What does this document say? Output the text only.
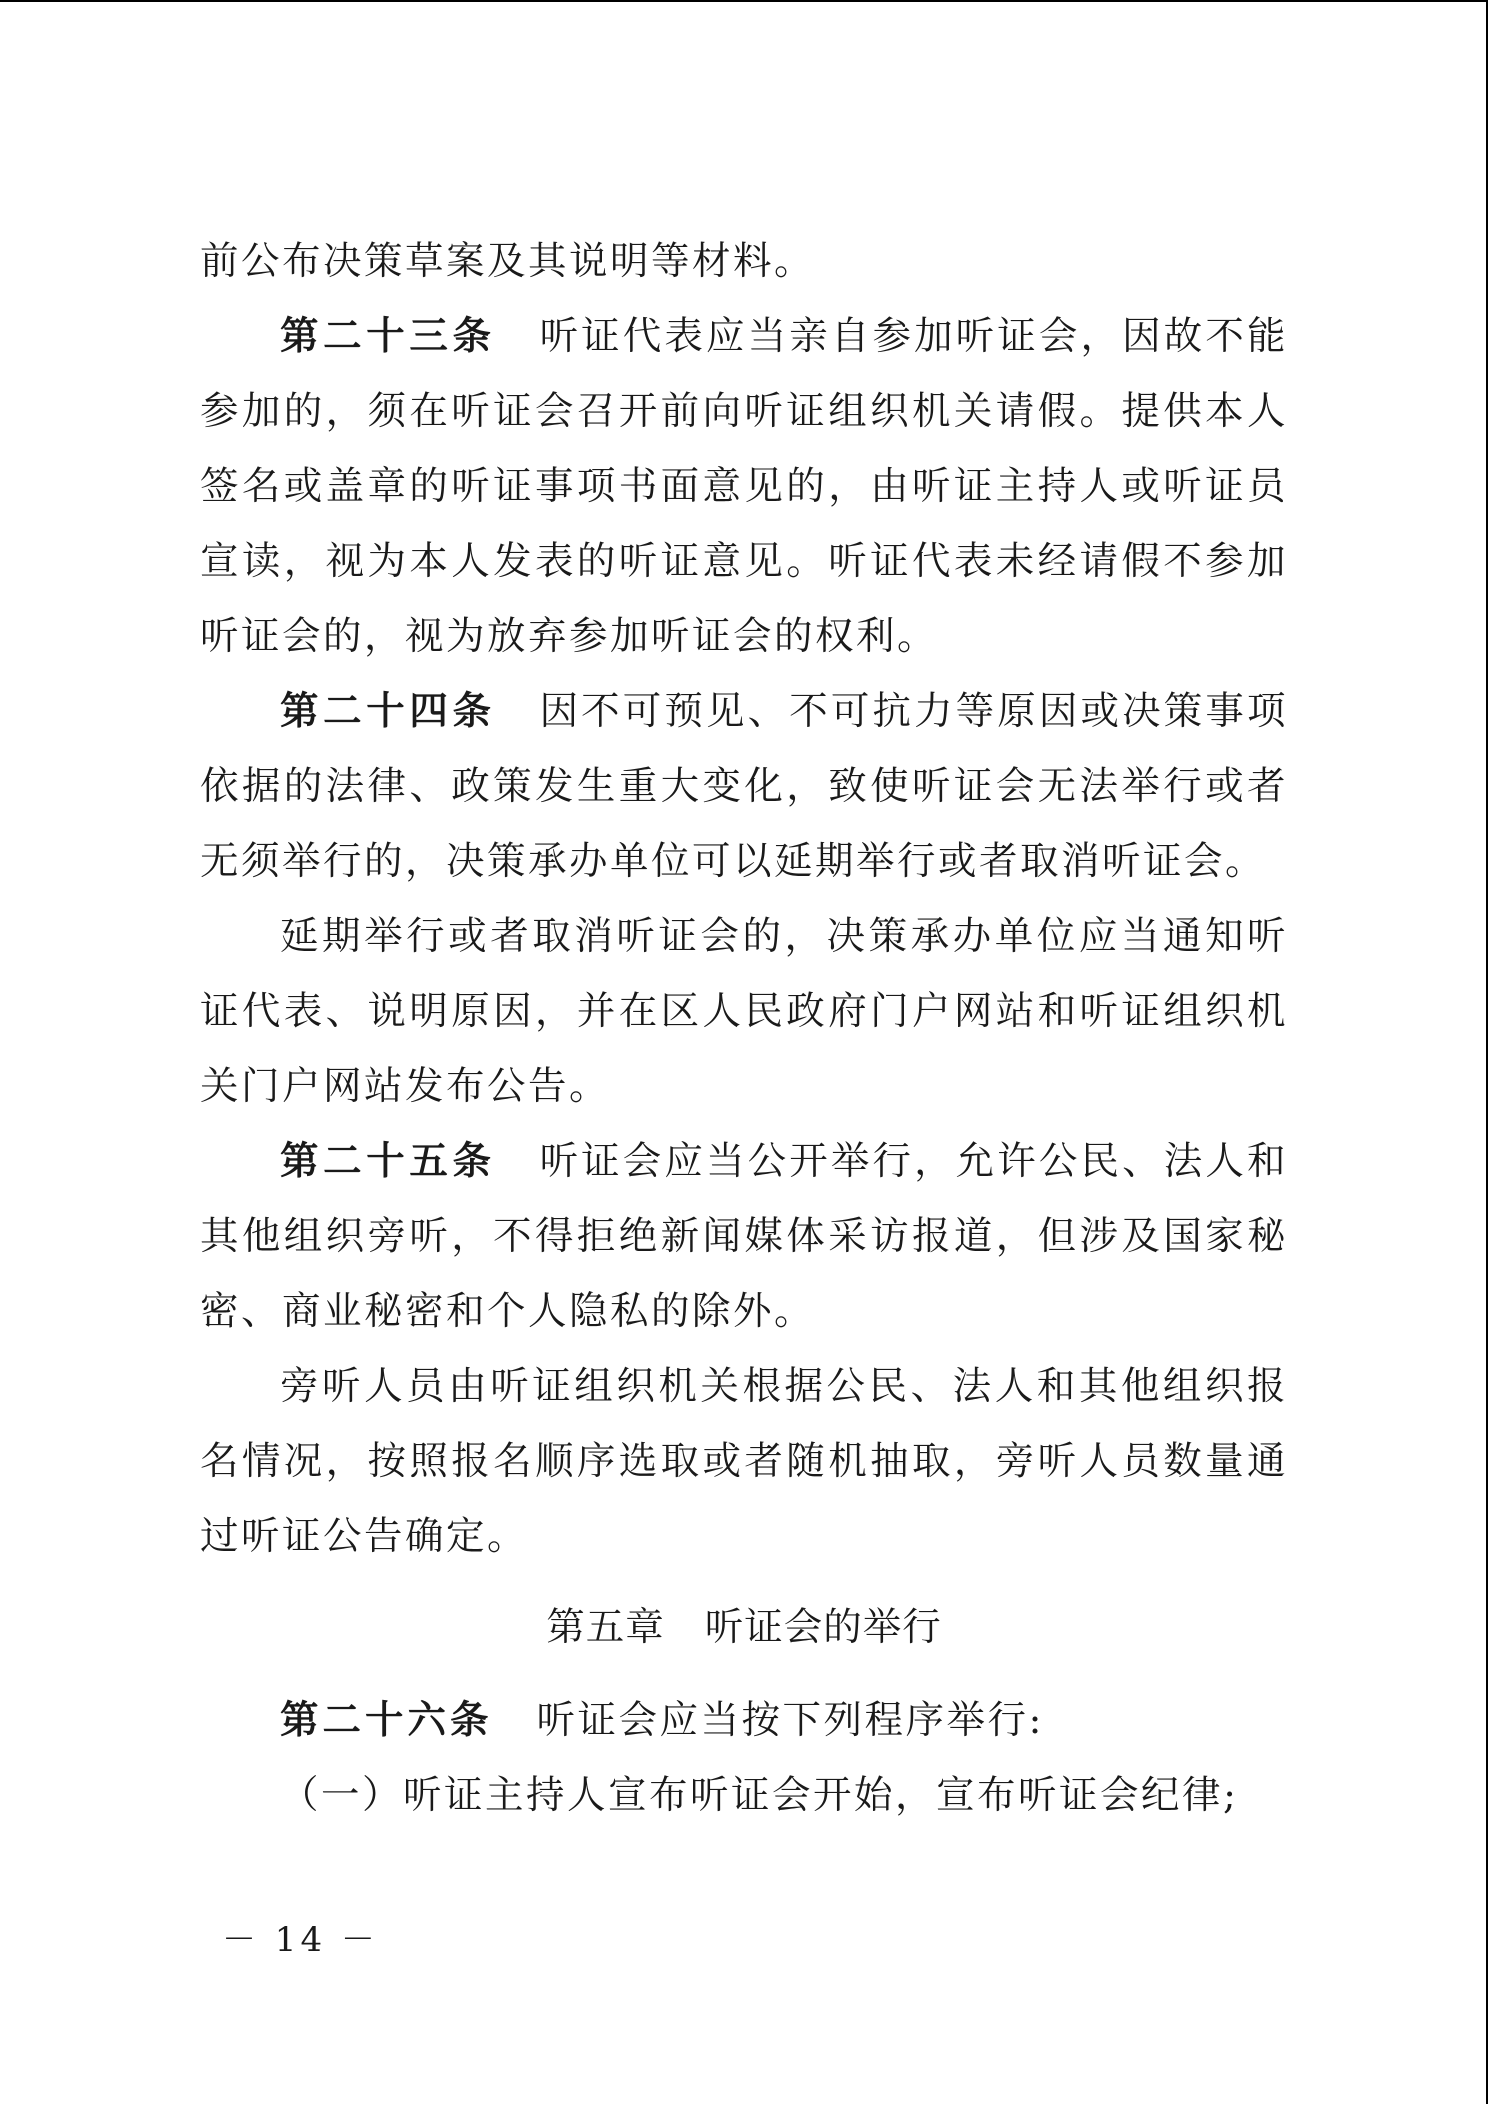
前公布决策草案及其说明等材料。

第二十三条 听证代表应当亲自参加听证会，因故不能参加的，须在听证会召开前向听证组织机关请假。提供本人签名或盖章的听证事项书面意见的，由听证主持人或听证员宣读，视为本人发表的听证意见。听证代表未经请假不参加听证会的，视为放弃参加听证会的权利。

第二十四条 因不可预见、不可抗力等原因或决策事项依据的法律、政策发生重大变化，致使听证会无法举行或者无须举行的，决策承办单位可以延期举行或者取消听证会。

延期举行或者取消听证会的，决策承办单位应当通知听证代表、说明原因，并在区人民政府门户网站和听证组织机关门户网站发布公告。

第二十五条 听证会应当公开举行，允许公民、法人和其他组织旁听，不得拒绝新闻媒体采访报道，但涉及国家秘密、商业秘密和个人隐私的除外。

旁听人员由听证组织机关根据公民、法人和其他组织报名情况，按照报名顺序选取或者随机抽取，旁听人员数量通过听证公告确定。

第五章 听证会的举行

第二十六条 听证会应当按下列程序举行:

（一）听证主持人宣布听证会开始，宣布听证会纪律;

－ 14 －
